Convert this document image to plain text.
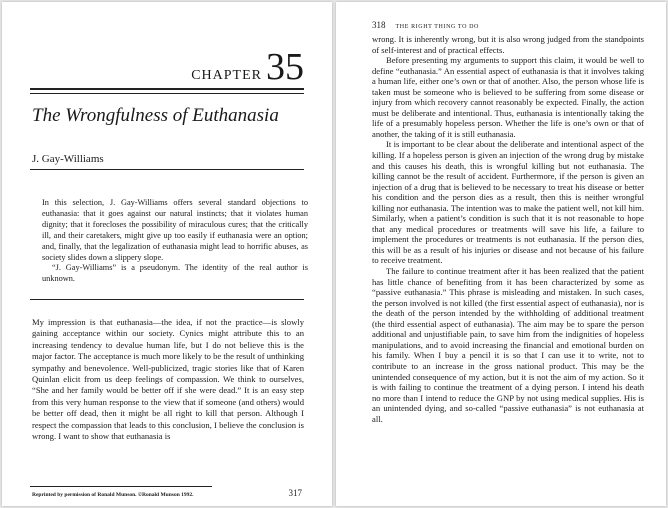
CHAPTER 35
The Wrongfulness of Euthanasia
J. Gay-Williams

In this selection, J. Gay-Williams offers several standard objections to euthanasia: that it goes against our natural instincts; that it violates human dignity; that it forecloses the possibility of miraculous cures; that the critically ill, and their caretakers, might give up too easily if euthanasia were an option; and, finally, that the legalization of euthanasia might lead to horrific abuses, as society slides down a slippery slope.

“J. Gay-Williams” is a pseudonym. The identity of the real author is unknown.

My impression is that euthanasia—the idea, if not the practice—is slowly gaining acceptance within our society. Cynics might attribute this to an increasing tendency to devalue human life, but I do not believe this is the major factor. The acceptance is much more likely to be the result of unthinking sympathy and benevolence. Well-publicized, tragic stories like that of Karen Quinlan elicit from us deep feelings of compassion. We think to ourselves, “She and her family would be better off if she were dead.” It is an easy step from this very human response to the view that if someone (and others) would be better off dead, then it might be all right to kill that person. Although I respect the compassion that leads to this conclusion, I believe the conclusion is wrong. I want to show that euthanasia is

Reprinted by permission of Ronald Munson. ©Ronald Munson 1992.	317
318 THE RIGHT THING TO DO

wrong. It is inherently wrong, but it is also wrong judged from the standpoints of self-interest and of practical effects.

Before presenting my arguments to support this claim, it would be well to define “euthanasia.” An essential aspect of euthanasia is that it involves taking a human life, either one’s own or that of another. Also, the person whose life is taken must be someone who is believed to be suffering from some disease or injury from which recovery cannot reasonably be expected. Finally, the action must be deliberate and intentional. Thus, euthanasia is intentionally taking the life of a presumably hopeless person. Whether the life is one’s own or that of another, the taking of it is still euthanasia.

It is important to be clear about the deliberate and intentional aspect of the killing. If a hopeless person is given an injection of the wrong drug by mistake and this causes his death, this is wrongful killing but not euthanasia. The killing cannot be the result of accident. Furthermore, if the person is given an injection of a drug that is believed to be necessary to treat his disease or better his condition and the person dies as a result, then this is neither wrongful killing nor euthanasia. The intention was to make the patient well, not kill him. Similarly, when a patient’s condition is such that it is not reasonable to hope that any medical procedures or treatments will save his life, a failure to implement the procedures or treatments is not euthanasia. If the person dies, this will be as a result of his injuries or disease and not because of his failure to receive treatment.

The failure to continue treatment after it has been realized that the patient has little chance of benefiting from it has been characterized by some as “passive euthanasia.” This phrase is misleading and mistaken. In such cases, the person involved is not killed (the first essential aspect of euthanasia), nor is the death of the person intended by the withholding of additional treatment (the third essential aspect of euthanasia). The aim may be to spare the person additional and unjustifiable pain, to save him from the indignities of hopeless manipulations, and to avoid increasing the financial and emotional burden on his family. When I buy a pencil it is so that I can use it to write, not to contribute to an increase in the gross national product. This may be the unintended consequence of my action, but it is not the aim of my action. So it is with failing to continue the treatment of a dying person. I intend his death no more than I intend to reduce the GNP by not using medical supplies. His is an unintended dying, and so-called “passive euthanasia” is not euthanasia at all.
